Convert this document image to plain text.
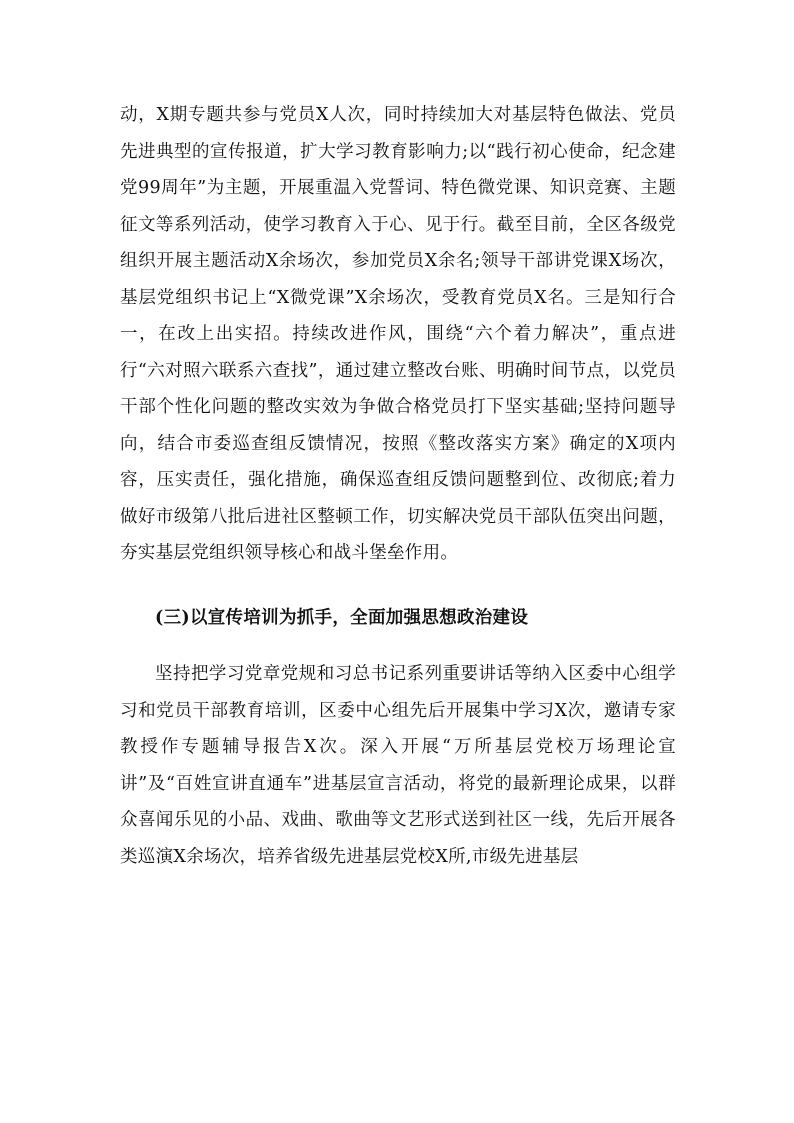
动，X期专题共参与党员X人次，同时持续加大对基层特色做法、党员先进典型的宣传报道，扩大学习教育影响力;以“践行初心使命，纪念建党99周年”为主题，开展重温入党誓词、特色微党课、知识竞赛、主题征文等系列活动，使学习教育入于心、见于行。截至目前，全区各级党组织开展主题活动X余场次，参加党员X余名;领导干部讲党课X场次，基层党组织书记上“X微党课”X余场次，受教育党员X名。三是知行合一，在改上出实招。持续改进作风，围绕“六个着力解决”，重点进行“六对照六联系六查找”，通过建立整改台账、明确时间节点，以党员干部个性化问题的整改实效为争做合格党员打下坚实基础;坚持问题导向，结合市委巡查组反馈情况，按照《整改落实方案》确定的X项内容，压实责任，强化措施，确保巡查组反馈问题整到位、改彻底;着力做好市级第八批后进社区整顿工作，切实解决党员干部队伍突出问题，夯实基层党组织领导核心和战斗堡垒作用。

(三)以宣传培训为抓手，全面加强思想政治建设

坚持把学习党章党规和习总书记系列重要讲话等纳入区委中心组学习和党员干部教育培训，区委中心组先后开展集中学习X次，邀请专家教授作专题辅导报告X次。深入开展“万所基层党校万场理论宣讲”及“百姓宣讲直通车”进基层宣言活动，将党的最新理论成果，以群众喜闻乐见的小品、戏曲、歌曲等文艺形式送到社区一线，先后开展各类巡演X余场次，培养省级先进基层党校X所,市级先进基层
